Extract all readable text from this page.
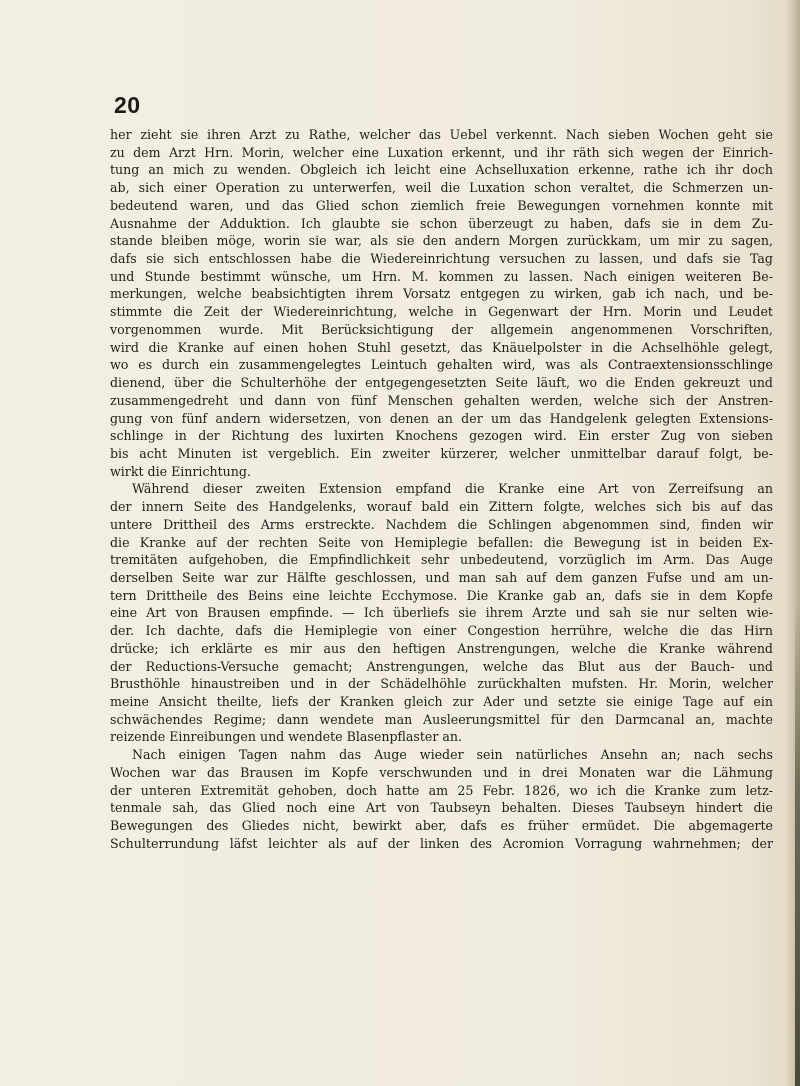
20
her zieht sie ihren Arzt zu Rathe, welcher das Uebel verkennt. Nach sieben Wochen geht sie
zu dem Arzt Hrn. Morin, welcher eine Luxation erkennt, und ihr räth sich wegen der Einrich-
tung an mich zu wenden. Obgleich ich leicht eine Achselluxation erkenne, rathe ich ihr doch
ab, sich einer Operation zu unterwerfen, weil die Luxation schon veraltet, die Schmerzen un-
bedeutend waren, und das Glied schon ziemlich freie Bewegungen vornehmen konnte mit
Ausnahme der Adduktion. Ich glaubte sie schon überzeugt zu haben, dafs sie in dem Zu-
stande bleiben möge, worin sie war, als sie den andern Morgen zurückkam, um mir zu sagen,
dafs sie sich entschlossen habe die Wiedereinrichtung versuchen zu lassen, und dafs sie Tag
und Stunde bestimmt wünsche, um Hrn. M. kommen zu lassen. Nach einigen weiteren Be-
merkungen, welche beabsichtigten ihrem Vorsatz entgegen zu wirken, gab ich nach, und be-
stimmte die Zeit der Wiedereinrichtung, welche in Gegenwart der Hrn. Morin und Leudet
vorgenommen wurde. Mit Berücksichtigung der allgemein angenommenen Vorschriften,
wird die Kranke auf einen hohen Stuhl gesetzt, das Knäuelpolster in die Achselhöhle gelegt,
wo es durch ein zusammengelegtes Leintuch gehalten wird, was als Contraextensionsschlinge
dienend, über die Schulterhöhe der entgegengesetzten Seite läuft, wo die Enden gekreuzt und
zusammengedreht und dann von fünf Menschen gehalten werden, welche sich der Anstren-
gung von fünf andern widersetzen, von denen an der um das Handgelenk gelegten Extensions-
schlinge in der Richtung des luxirten Knochens gezogen wird. Ein erster Zug von sieben
bis acht Minuten ist vergeblich. Ein zweiter kürzerer, welcher unmittelbar darauf folgt, be-
wirkt die Einrichtung.
Während dieser zweiten Extension empfand die Kranke eine Art von Zerreifsung an
der innern Seite des Handgelenks, worauf bald ein Zittern folgte, welches sich bis auf das
untere Drittheil des Arms erstreckte. Nachdem die Schlingen abgenommen sind, finden wir
die Kranke auf der rechten Seite von Hemiplegie befallen: die Bewegung ist in beiden Ex-
tremitäten aufgehoben, die Empfindlichkeit sehr unbedeutend, vorzüglich im Arm. Das Auge
derselben Seite war zur Hälfte geschlossen, und man sah auf dem ganzen Fufse und am un-
tern Drittheile des Beins eine leichte Ecchymose. Die Kranke gab an, dafs sie in dem Kopfe
eine Art von Brausen empfinde. — Ich überliefs sie ihrem Arzte und sah sie nur selten wie-
der. Ich dachte, dafs die Hemiplegie von einer Congestion herrühre, welche die das Hirn
drücke; ich erklärte es mir aus den heftigen Anstrengungen, welche die Kranke während
der Reductions-Versuche gemacht; Anstrengungen, welche das Blut aus der Bauch- und
Brusthöhle hinaustreiben und in der Schädelhöhle zurückhalten mufsten. Hr. Morin, welcher
meine Ansicht theilte, liefs der Kranken gleich zur Ader und setzte sie einige Tage auf ein
schwächendes Regime; dann wendete man Ausleerungsmittel für den Darmcanal an, machte
reizende Einreibungen und wendete Blasenpflaster an.
Nach einigen Tagen nahm das Auge wieder sein natürliches Ansehn an; nach sechs
Wochen war das Brausen im Kopfe verschwunden und in drei Monaten war die Lähmung
der unteren Extremität gehoben, doch hatte am 25 Febr. 1826, wo ich die Kranke zum letz-
tenmale sah, das Glied noch eine Art von Taubseyn behalten. Dieses Taubseyn hindert die
Bewegungen des Gliedes nicht, bewirkt aber, dafs es früher ermüdet. Die abgemagerte
Schulterrundung läfst leichter als auf der linken des Acromion Vorragung wahrnehmen; der
